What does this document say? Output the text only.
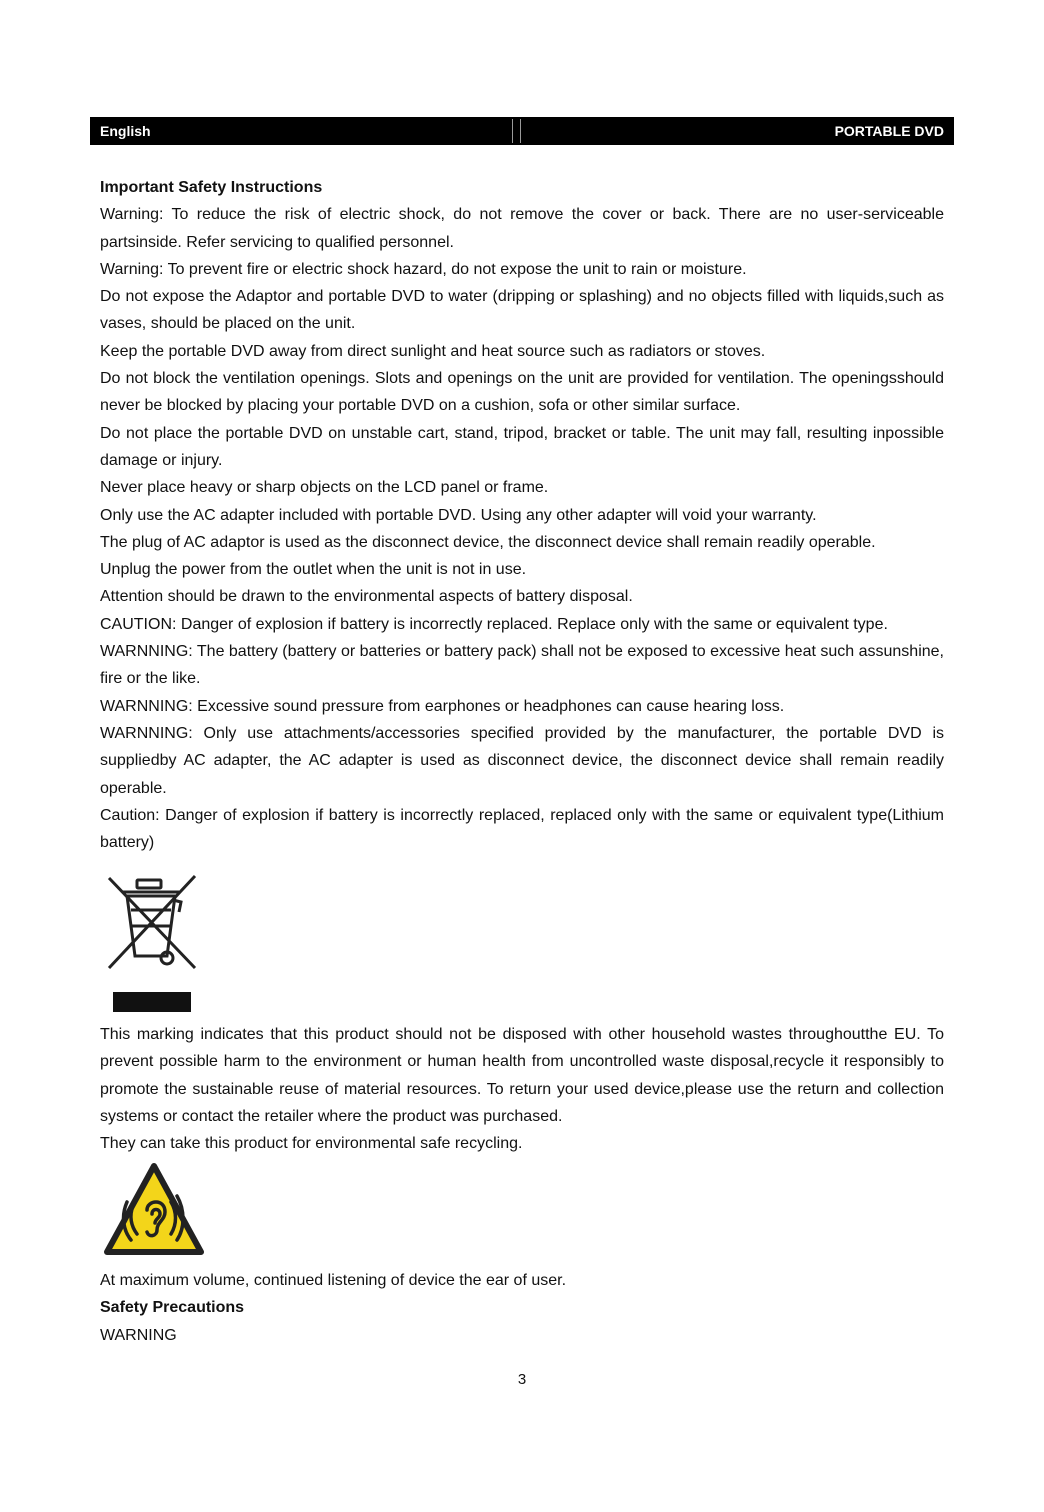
English	PORTABLE DVD

Important Safety Instructions

Warning: To reduce the risk of electric shock, do not remove the cover or back. There are no user-serviceable partsinside. Refer servicing to qualified personnel.

Warning: To prevent fire or electric shock hazard, do not expose the unit to rain or moisture.

Do not expose the Adaptor and portable DVD to water (dripping or splashing) and no objects filled with liquids,such as vases, should be placed on the unit.

Keep the portable DVD away from direct sunlight and heat source such as radiators or stoves.

Do not block the ventilation openings. Slots and openings on the unit are provided for ventilation. The openingsshould never be blocked by placing your portable DVD on a cushion, sofa or other similar surface.

Do not place the portable DVD on unstable cart, stand, tripod, bracket or table. The unit may fall, resulting inpossible damage or injury.

Never place heavy or sharp objects on the LCD panel or frame.

Only use the AC adapter included with portable DVD. Using any other adapter will void your warranty.

The plug of AC adaptor is used as the disconnect device, the disconnect device shall remain readily operable.

Unplug the power from the outlet when the unit is not in use.

Attention should be drawn to the environmental aspects of battery disposal.

CAUTION: Danger of explosion if battery is incorrectly replaced. Replace only with the same or equivalent type.

WARNNING: The battery (battery or batteries or battery pack) shall not be exposed to excessive heat such assunshine, fire or the like.

WARNNING: Excessive sound pressure from earphones or headphones can cause hearing loss.

WARNNING: Only use attachments/accessories specified provided by the manufacturer, the portable DVD is suppliedby AC adapter, the AC adapter is used as disconnect device, the disconnect device shall remain readily operable.

Caution: Danger of explosion if battery is incorrectly replaced, replaced only with the same or equivalent type(Lithium battery)

This marking indicates that this product should not be disposed with other household wastes throughoutthe EU. To prevent possible harm to the environment or human health from uncontrolled waste disposal,recycle it responsibly to promote the sustainable reuse of material resources. To return your used device,please use the return and collection systems or contact the retailer where the product was purchased.

They can take this product for environmental safe recycling.

At maximum volume, continued listening of device the ear of user.

Safety Precautions

WARNING

3
